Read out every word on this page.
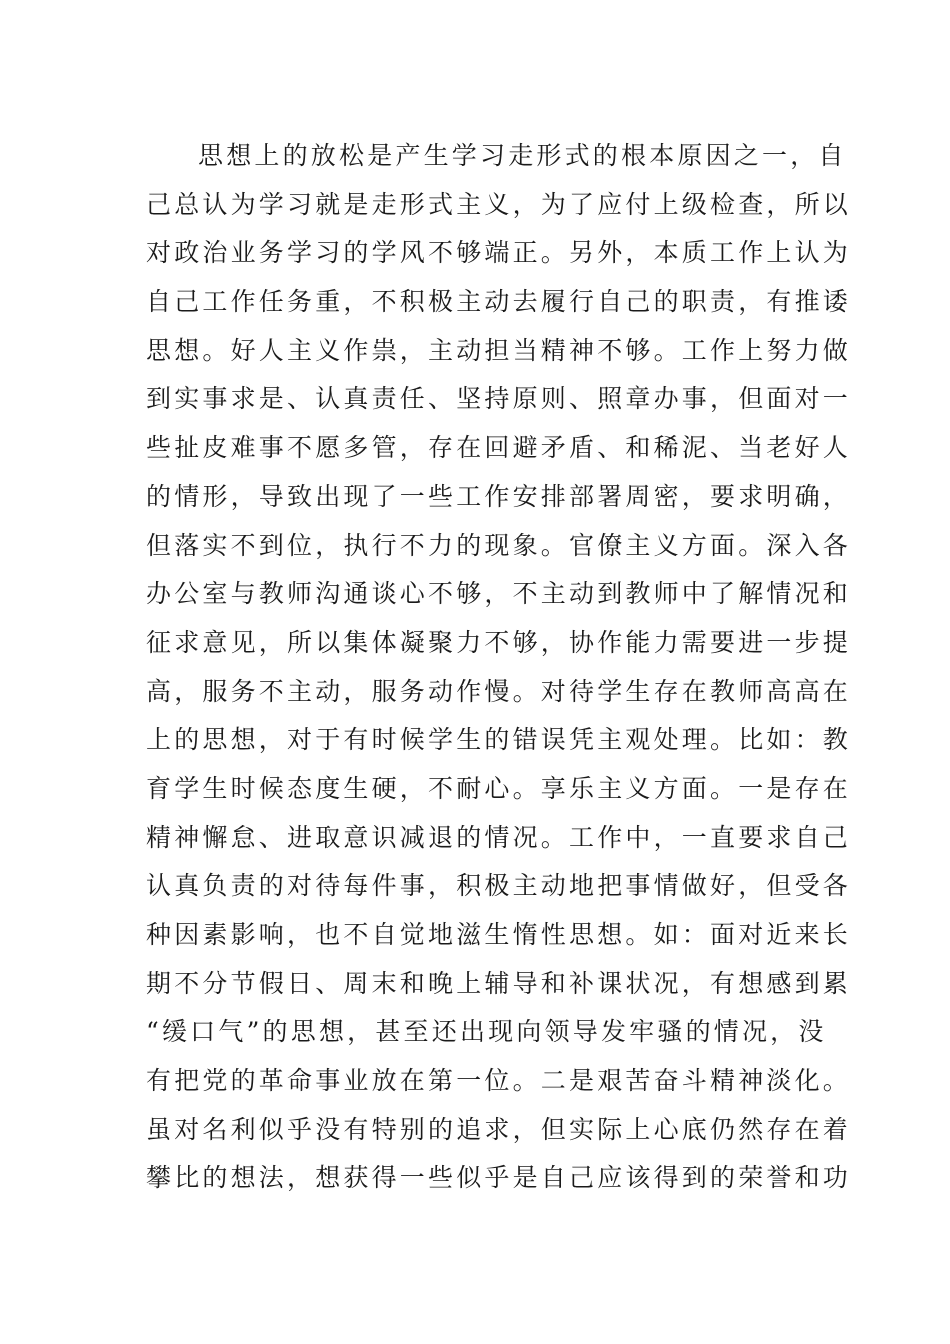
思想上的放松是产生学习走形式的根本原因之一，自
己总认为学习就是走形式主义，为了应付上级检查，所以
对政治业务学习的学风不够端正。另外，本质工作上认为
自己工作任务重，不积极主动去履行自己的职责，有推诿
思想。好人主义作祟，主动担当精神不够。工作上努力做
到实事求是、认真责任、坚持原则、照章办事，但面对一
些扯皮难事不愿多管，存在回避矛盾、和稀泥、当老好人
的情形，导致出现了一些工作安排部署周密，要求明确，
但落实不到位，执行不力的现象。官僚主义方面。深入各
办公室与教师沟通谈心不够，不主动到教师中了解情况和
征求意见，所以集体凝聚力不够，协作能力需要进一步提
高，服务不主动，服务动作慢。对待学生存在教师高高在
上的思想，对于有时候学生的错误凭主观处理。比如：教
育学生时候态度生硬，不耐心。享乐主义方面。一是存在
精神懈怠、进取意识减退的情况。工作中，一直要求自己
认真负责的对待每件事，积极主动地把事情做好，但受各
种因素影响，也不自觉地滋生惰性思想。如：面对近来长
期不分节假日、周末和晚上辅导和补课状况，有想感到累
“缓口气”的思想，甚至还出现向领导发牢骚的情况，没
有把党的革命事业放在第一位。二是艰苦奋斗精神淡化。
虽对名利似乎没有特别的追求，但实际上心底仍然存在着
攀比的想法，想获得一些似乎是自己应该得到的荣誉和功
